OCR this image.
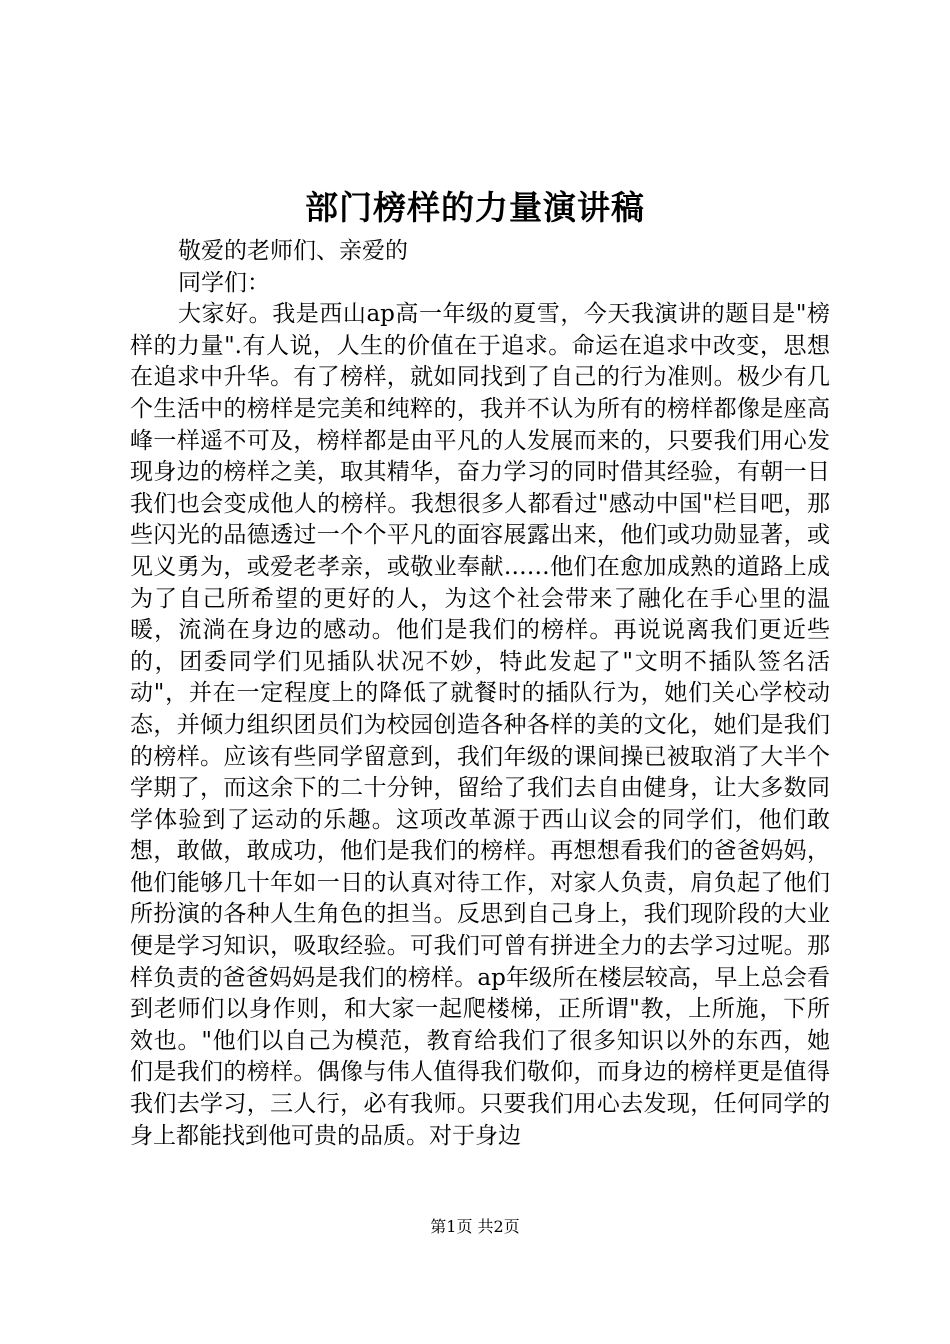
部门榜样的力量演讲稿

敬爱的老师们、亲爱的

同学们：

大家好。我是西山ap高一年级的夏雪，今天我演讲的题目是"榜样的力量".有人说，人生的价值在于追求。命运在追求中改变，思想在追求中升华。有了榜样，就如同找到了自己的行为准则。极少有几个生活中的榜样是完美和纯粹的，我并不认为所有的榜样都像是座高峰一样遥不可及，榜样都是由平凡的人发展而来的，只要我们用心发现身边的榜样之美，取其精华，奋力学习的同时借其经验，有朝一日我们也会变成他人的榜样。我想很多人都看过"感动中国"栏目吧，那些闪光的品德透过一个个平凡的面容展露出来，他们或功勋显著，或见义勇为，或爱老孝亲，或敬业奉献……他们在愈加成熟的道路上成为了自己所希望的更好的人，为这个社会带来了融化在手心里的温暖，流淌在身边的感动。他们是我们的榜样。再说说离我们更近些的，团委同学们见插队状况不妙，特此发起了"文明不插队签名活动"，并在一定程度上的降低了就餐时的插队行为，她们关心学校动态，并倾力组织团员们为校园创造各种各样的美的文化，她们是我们的榜样。应该有些同学留意到，我们年级的课间操已被取消了大半个学期了，而这余下的二十分钟，留给了我们去自由健身，让大多数同学体验到了运动的乐趣。这项改革源于西山议会的同学们，他们敢想，敢做，敢成功，他们是我们的榜样。再想想看我们的爸爸妈妈，他们能够几十年如一日的认真对待工作，对家人负责，肩负起了他们所扮演的各种人生角色的担当。反思到自己身上，我们现阶段的大业便是学习知识，吸取经验。可我们可曾有拼进全力的去学习过呢。那样负责的爸爸妈妈是我们的榜样。ap年级所在楼层较高，早上总会看到老师们以身作则，和大家一起爬楼梯，正所谓"教，上所施，下所效也。"他们以自己为模范，教育给我们了很多知识以外的东西，她们是我们的榜样。偶像与伟人值得我们敬仰，而身边的榜样更是值得我们去学习，三人行，必有我师。只要我们用心去发现，任何同学的身上都能找到他可贵的品质。对于身边

第1页 共2页
